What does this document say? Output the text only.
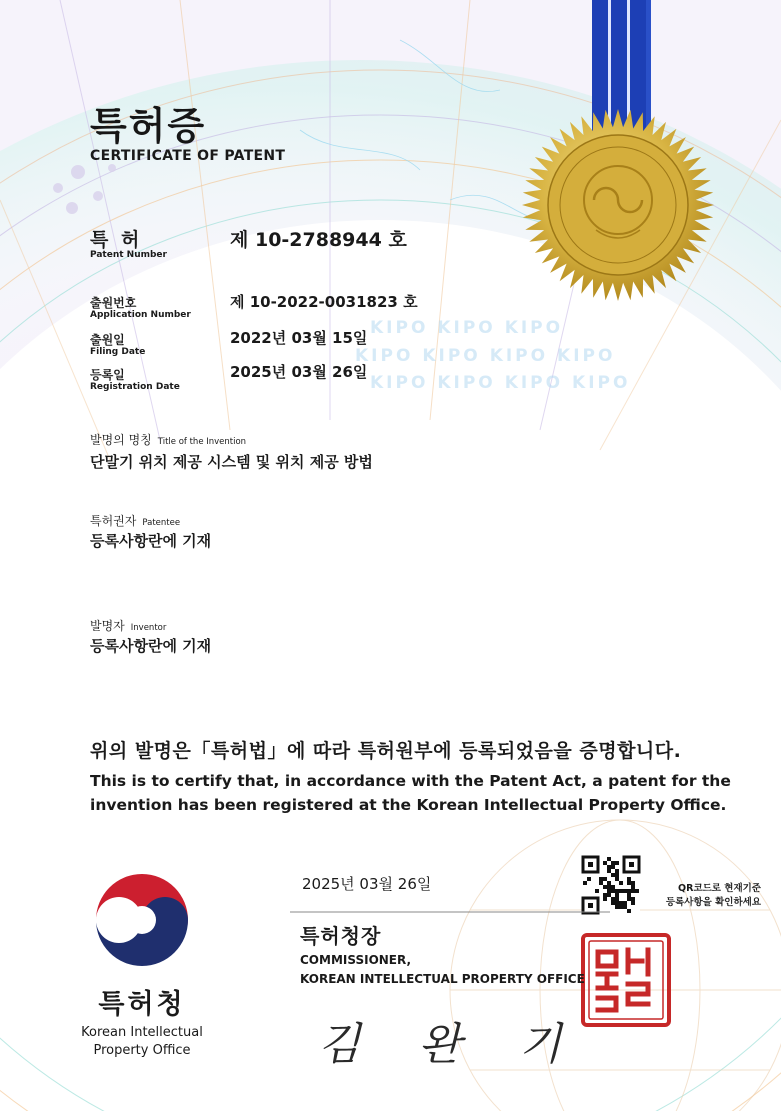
특허증
CERTIFICATE OF PATENT
특 허
Patent Number
제 10-2788944 호
출원번호
Application Number
제 10-2022-0031823 호
출원일
Filing Date
2022년 03월 15일
등록일
Registration Date
2025년 03월 26일
KIPO KIPO KIPO
KIPO KIPO KIPO KIPO
KIPO KIPO KIPO KIPO
발명의 명칭 Title of the Invention
단말기 위치 제공 시스템 및 위치 제공 방법
특허권자 Patentee
등록사항란에 기재
발명자 Inventor
등록사항란에 기재
위의 발명은「특허법」에 따라 특허원부에 등록되었음을 증명합니다.
This is to certify that, in accordance with the Patent Act, a patent for the
invention has been registered at the Korean Intellectual Property Office.
2025년 03월 26일	QR코드로 현재기준
등록사항을 확인하세요
특허청장
COMMISSIONER,
KOREAN INTELLECTUAL PROPERTY OFFICE
김 완 기
특허청
Korean Intellectual
Property Office
